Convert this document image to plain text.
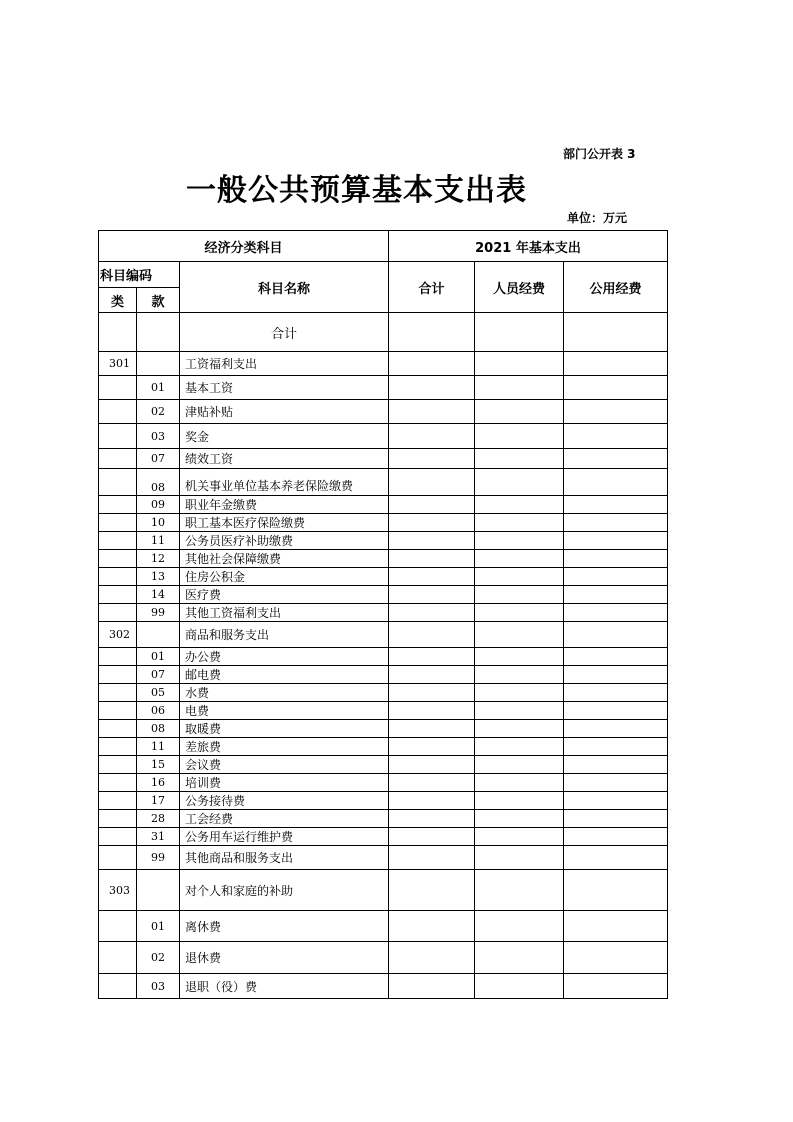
部门公开表 3
一般公共预算基本支出表
单位：万元
经济分类科目			2021 年基本支出		
科目编码		科目名称	合计	人员经费	公用经费
类	款				
		合计			
301		工资福利支出			
	01	基本工资			
	02	津贴补贴			
	03	奖金			
	07	绩效工资			
	08	机关事业单位基本养老保险缴费			
	09	职业年金缴费			
	10	职工基本医疗保险缴费			
	11	公务员医疗补助缴费			
	12	其他社会保障缴费			
	13	住房公积金			
	14	医疗费			
	99	其他工资福利支出			
302		商品和服务支出			
	01	办公费			
	07	邮电费			
	05	水费			
	06	电费			
	08	取暖费			
	11	差旅费			
	15	会议费			
	16	培训费			
	17	公务接待费			
	28	工会经费			
	31	公务用车运行维护费			
	99	其他商品和服务支出			
303		对个人和家庭的补助			
	01	离休费			
	02	退休费			
	03	退职（役）费			
